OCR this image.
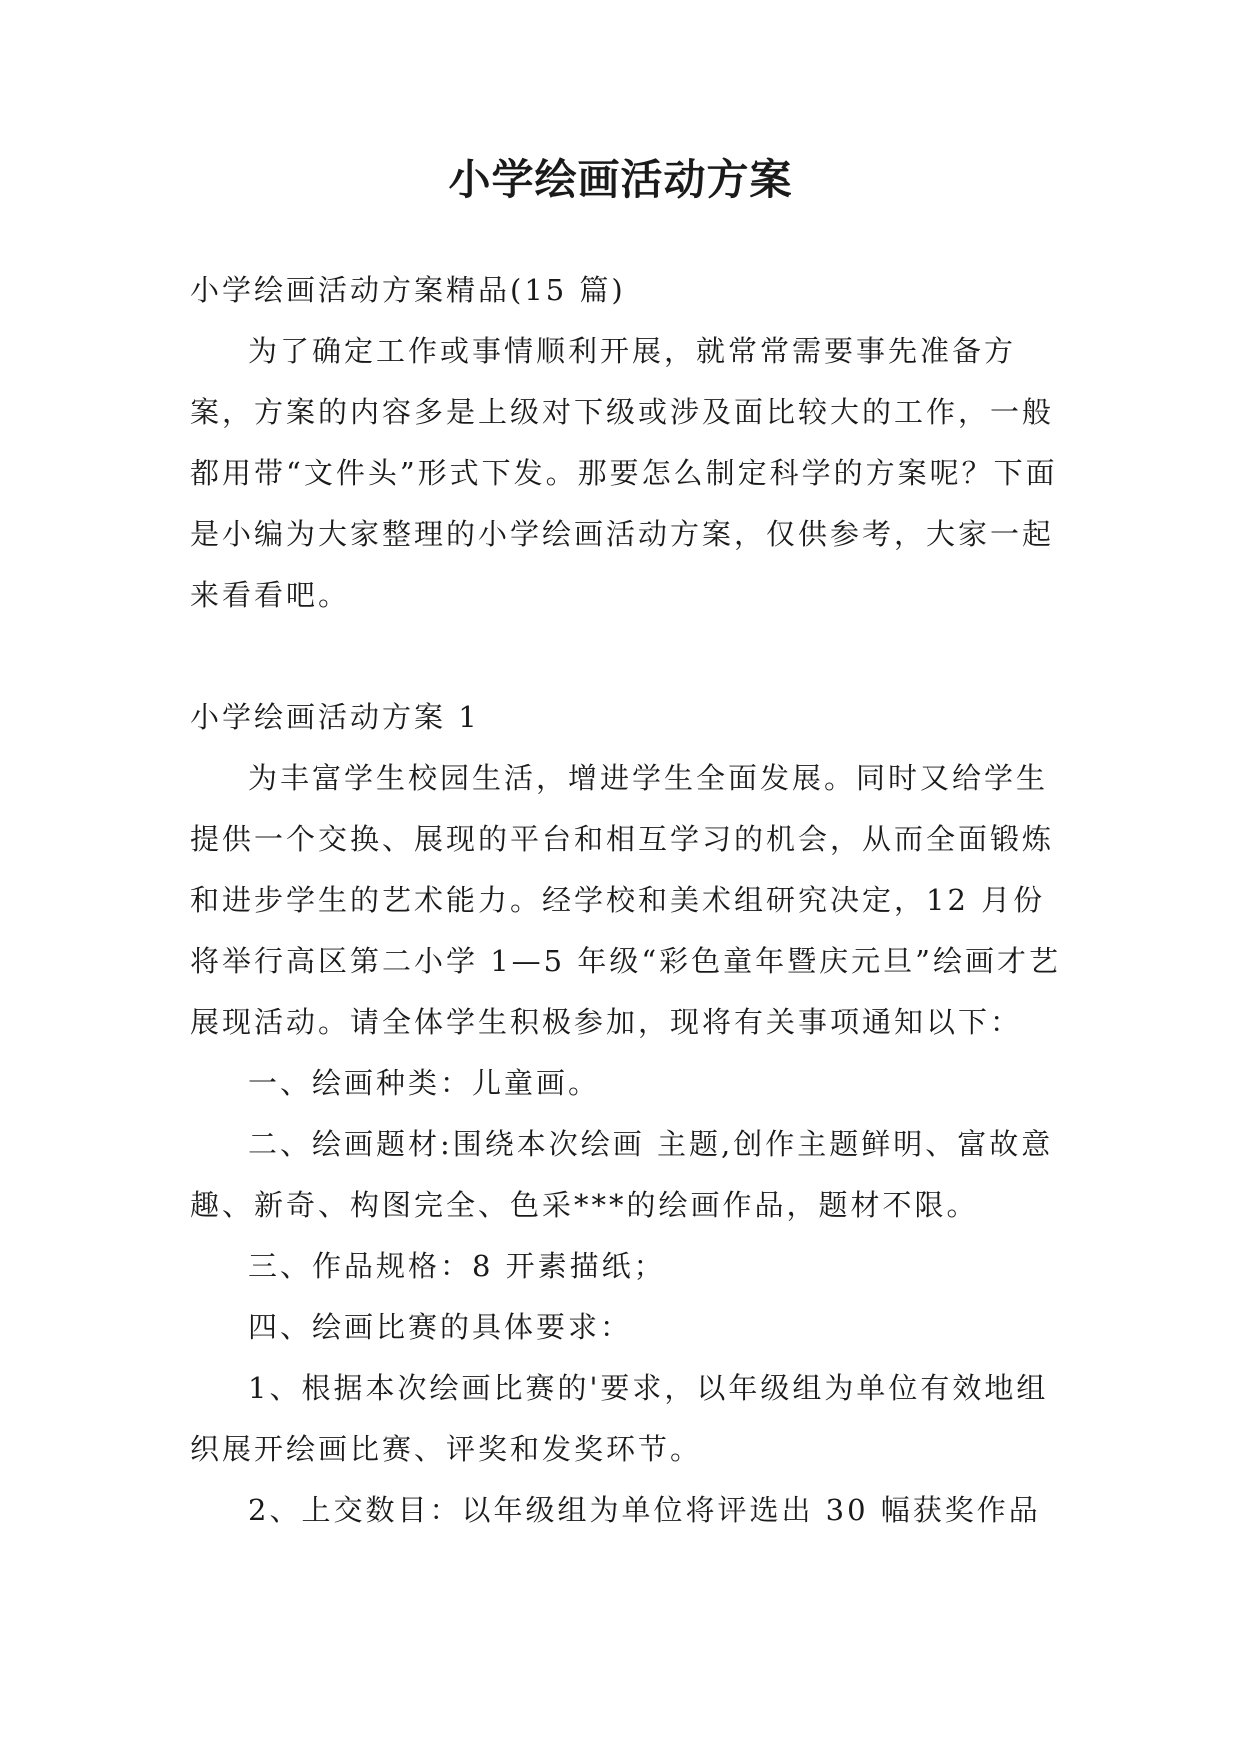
小学绘画活动方案

小学绘画活动方案精品(15 篇)

为了确定工作或事情顺利开展，就常常需要事先准备方案，方案的内容多是上级对下级或涉及面比较大的工作，一般都用带“文件头”形式下发。那要怎么制定科学的方案呢？下面是小编为大家整理的小学绘画活动方案，仅供参考，大家一起来看看吧。

小学绘画活动方案 1

为丰富学生校园生活，增进学生全面发展。同时又给学生提供一个交换、展现的平台和相互学习的机会，从而全面锻炼和进步学生的艺术能力。经学校和美术组研究决定，12 月份将举行高区第二小学 1—5 年级“彩色童年暨庆元旦”绘画才艺展现活动。请全体学生积极参加，现将有关事项通知以下：

一、绘画种类：儿童画。

二、绘画题材:围绕本次绘画 主题,创作主题鲜明、富故意趣、新奇、构图完全、色采***的绘画作品，题材不限。

三、作品规格：8 开素描纸；

四、绘画比赛的具体要求：

1、根据本次绘画比赛的'要求，以年级组为单位有效地组织展开绘画比赛、评奖和发奖环节。

2、上交数目：以年级组为单位将评选出 30 幅获奖作品
